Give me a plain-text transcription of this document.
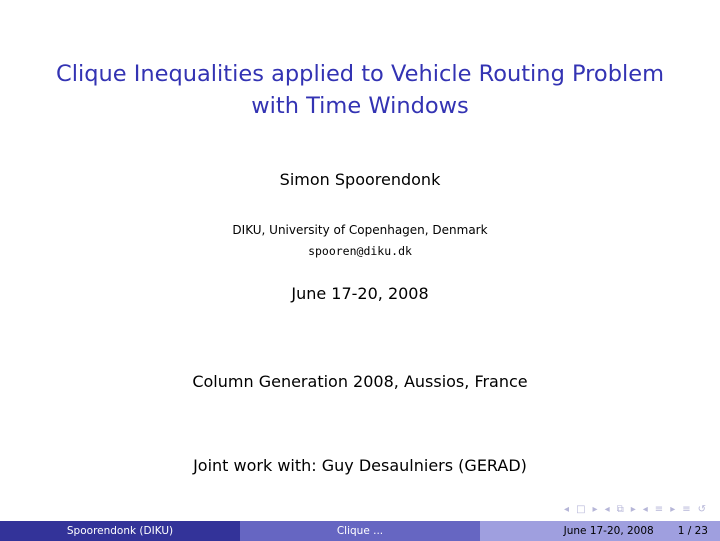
Clique Inequalities applied to Vehicle Routing Problem
with Time Windows
Simon Spoorendonk
DIKU, University of Copenhagen, Denmark
spooren@diku.dk
June 17-20, 2008
Column Generation 2008, Aussios, France
Joint work with: Guy Desaulniers (GERAD)
◂ □ ▸ ◂ ⧉ ▸ ◂ ≡ ▸ ≡ ↺
Spoorendonk (DIKU)	Clique ...	June 17-20, 2008 1 / 23
